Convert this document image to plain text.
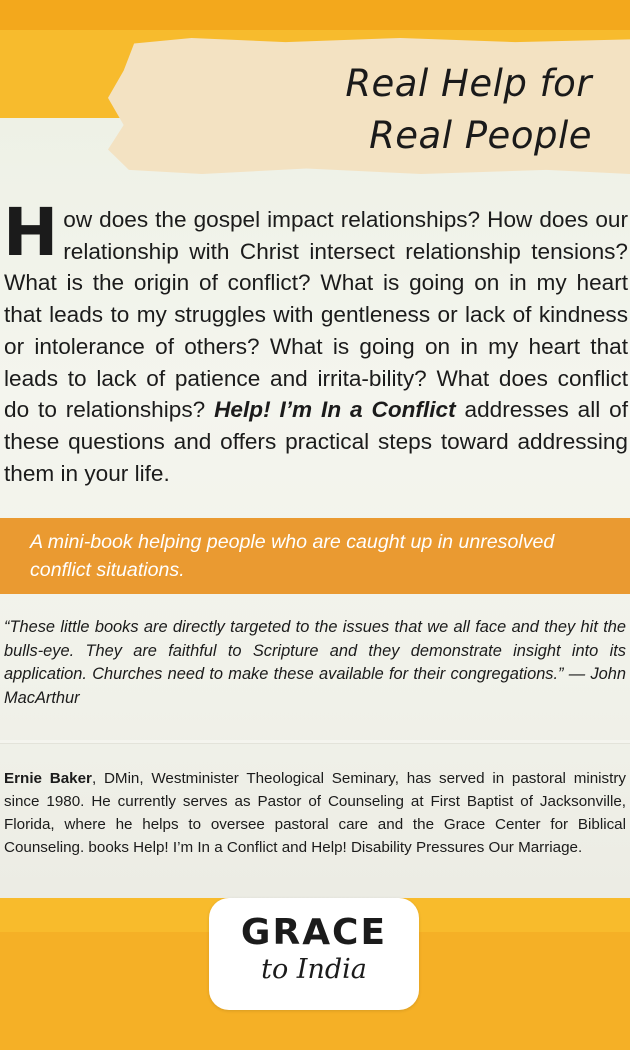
Real Help for
Real People

How does the gospel impact relationships? How does our relationship with Christ intersect relationship tensions? What is the origin of conflict? What is going on in my heart that leads to my struggles with gentleness or lack of kindness or intolerance of others? What is going on in my heart that leads to lack of patience and irrita-bility? What does conflict do to relationships? Help! I’m In a Conflict addresses all of these questions and offers practical steps toward addressing them in your life.

A mini-book helping people who are caught up in unresolved conflict situations.

“These little books are directly targeted to the issues that we all face and they hit the bulls-eye. They are faithful to Scripture and they demonstrate insight into its application. Churches need to make these available for their congregations.” — John MacArthur

Ernie Baker, DMin, Westminister Theological Seminary, has served in pastoral ministry since 1980. He currently serves as Pastor of Counseling at First Baptist of Jacksonville, Florida, where he helps to oversee pastoral care and the Grace Center for Biblical Counseling. books Help! I’m In a Conflict and Help! Disability Pressures Our Marriage.

GRACE
to India
